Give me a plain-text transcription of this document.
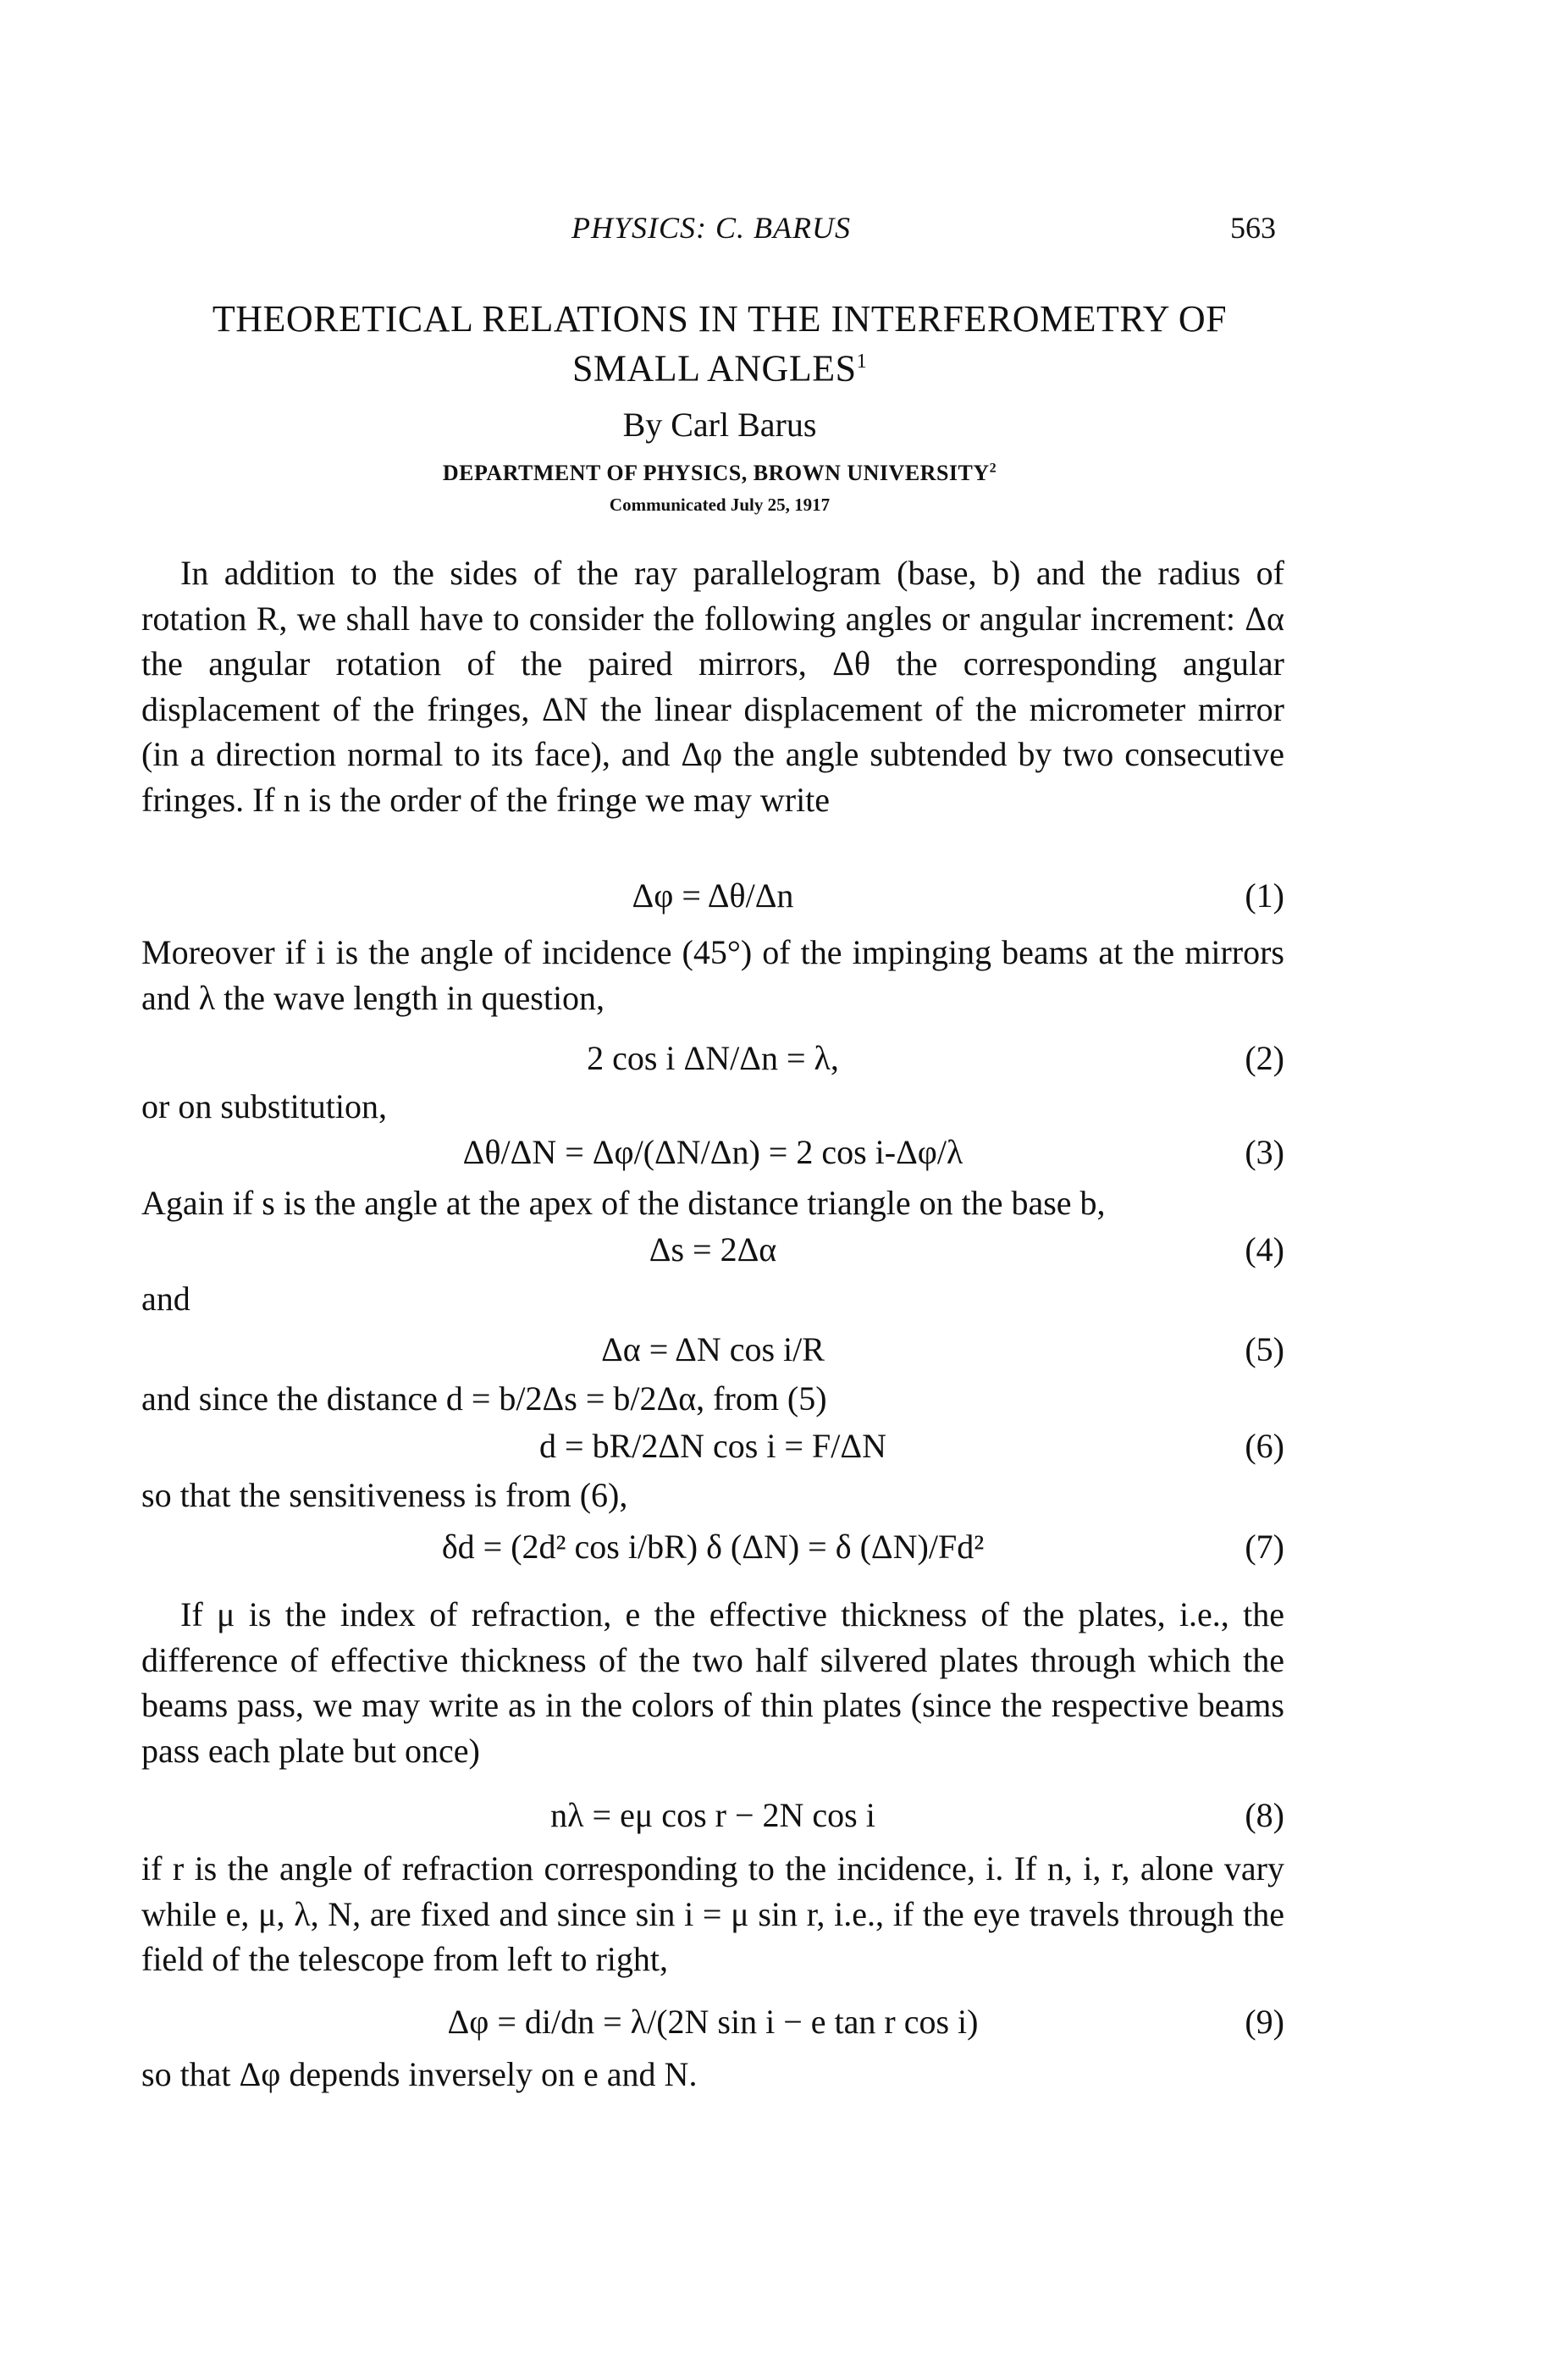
PHYSICS: C. BARUS	563
THEORETICAL RELATIONS IN THE INTERFEROMETRY OF SMALL ANGLES$^1$
By Carl Barus
DEPARTMENT OF PHYSICS, BROWN UNIVERSITY$^2$
Communicated July 25, 1917
In addition to the sides of the ray parallelogram (base, b) and the radius of rotation R, we shall have to consider the following angles or angular increment: Δα the angular rotation of the paired mirrors, Δθ the corresponding angular displacement of the fringes, ΔN the linear displacement of the micrometer mirror (in a direction normal to its face), and Δφ the angle subtended by two consecutive fringes. If n is the order of the fringe we may write
Δφ = Δθ/Δn	(1)
Moreover if i is the angle of incidence (45°) of the impinging beams at the mirrors and λ the wave length in question,
2 cos i ΔN/Δn = λ,	(2)
or on substitution,
Δθ/ΔN = Δφ/(ΔN/Δn) = 2 cos i-Δφ/λ	(3)
Again if s is the angle at the apex of the distance triangle on the base b,
Δs = 2Δα	(4)
and
Δα = ΔN cos i/R	(5)
and since the distance d = b/2Δs = b/2Δα, from (5)
d = bR/2ΔN cos i = F/ΔN	(6)
so that the sensitiveness is from (6),
δd = (2d² cos i/bR) δ (ΔN) = δ (ΔN)/Fd²	(7)
If μ is the index of refraction, e the effective thickness of the plates, i.e., the difference of effective thickness of the two half silvered plates through which the beams pass, we may write as in the colors of thin plates (since the respective beams pass each plate but once)
nλ = eμ cos r − 2N cos i	(8)
if r is the angle of refraction corresponding to the incidence, i. If n, i, r, alone vary while e, μ, λ, N, are fixed and since sin i = μ sin r, i.e., if the eye travels through the field of the telescope from left to right,
Δφ = di/dn = λ/(2N sin i − e tan r cos i)	(9)
so that Δφ depends inversely on e and N.
